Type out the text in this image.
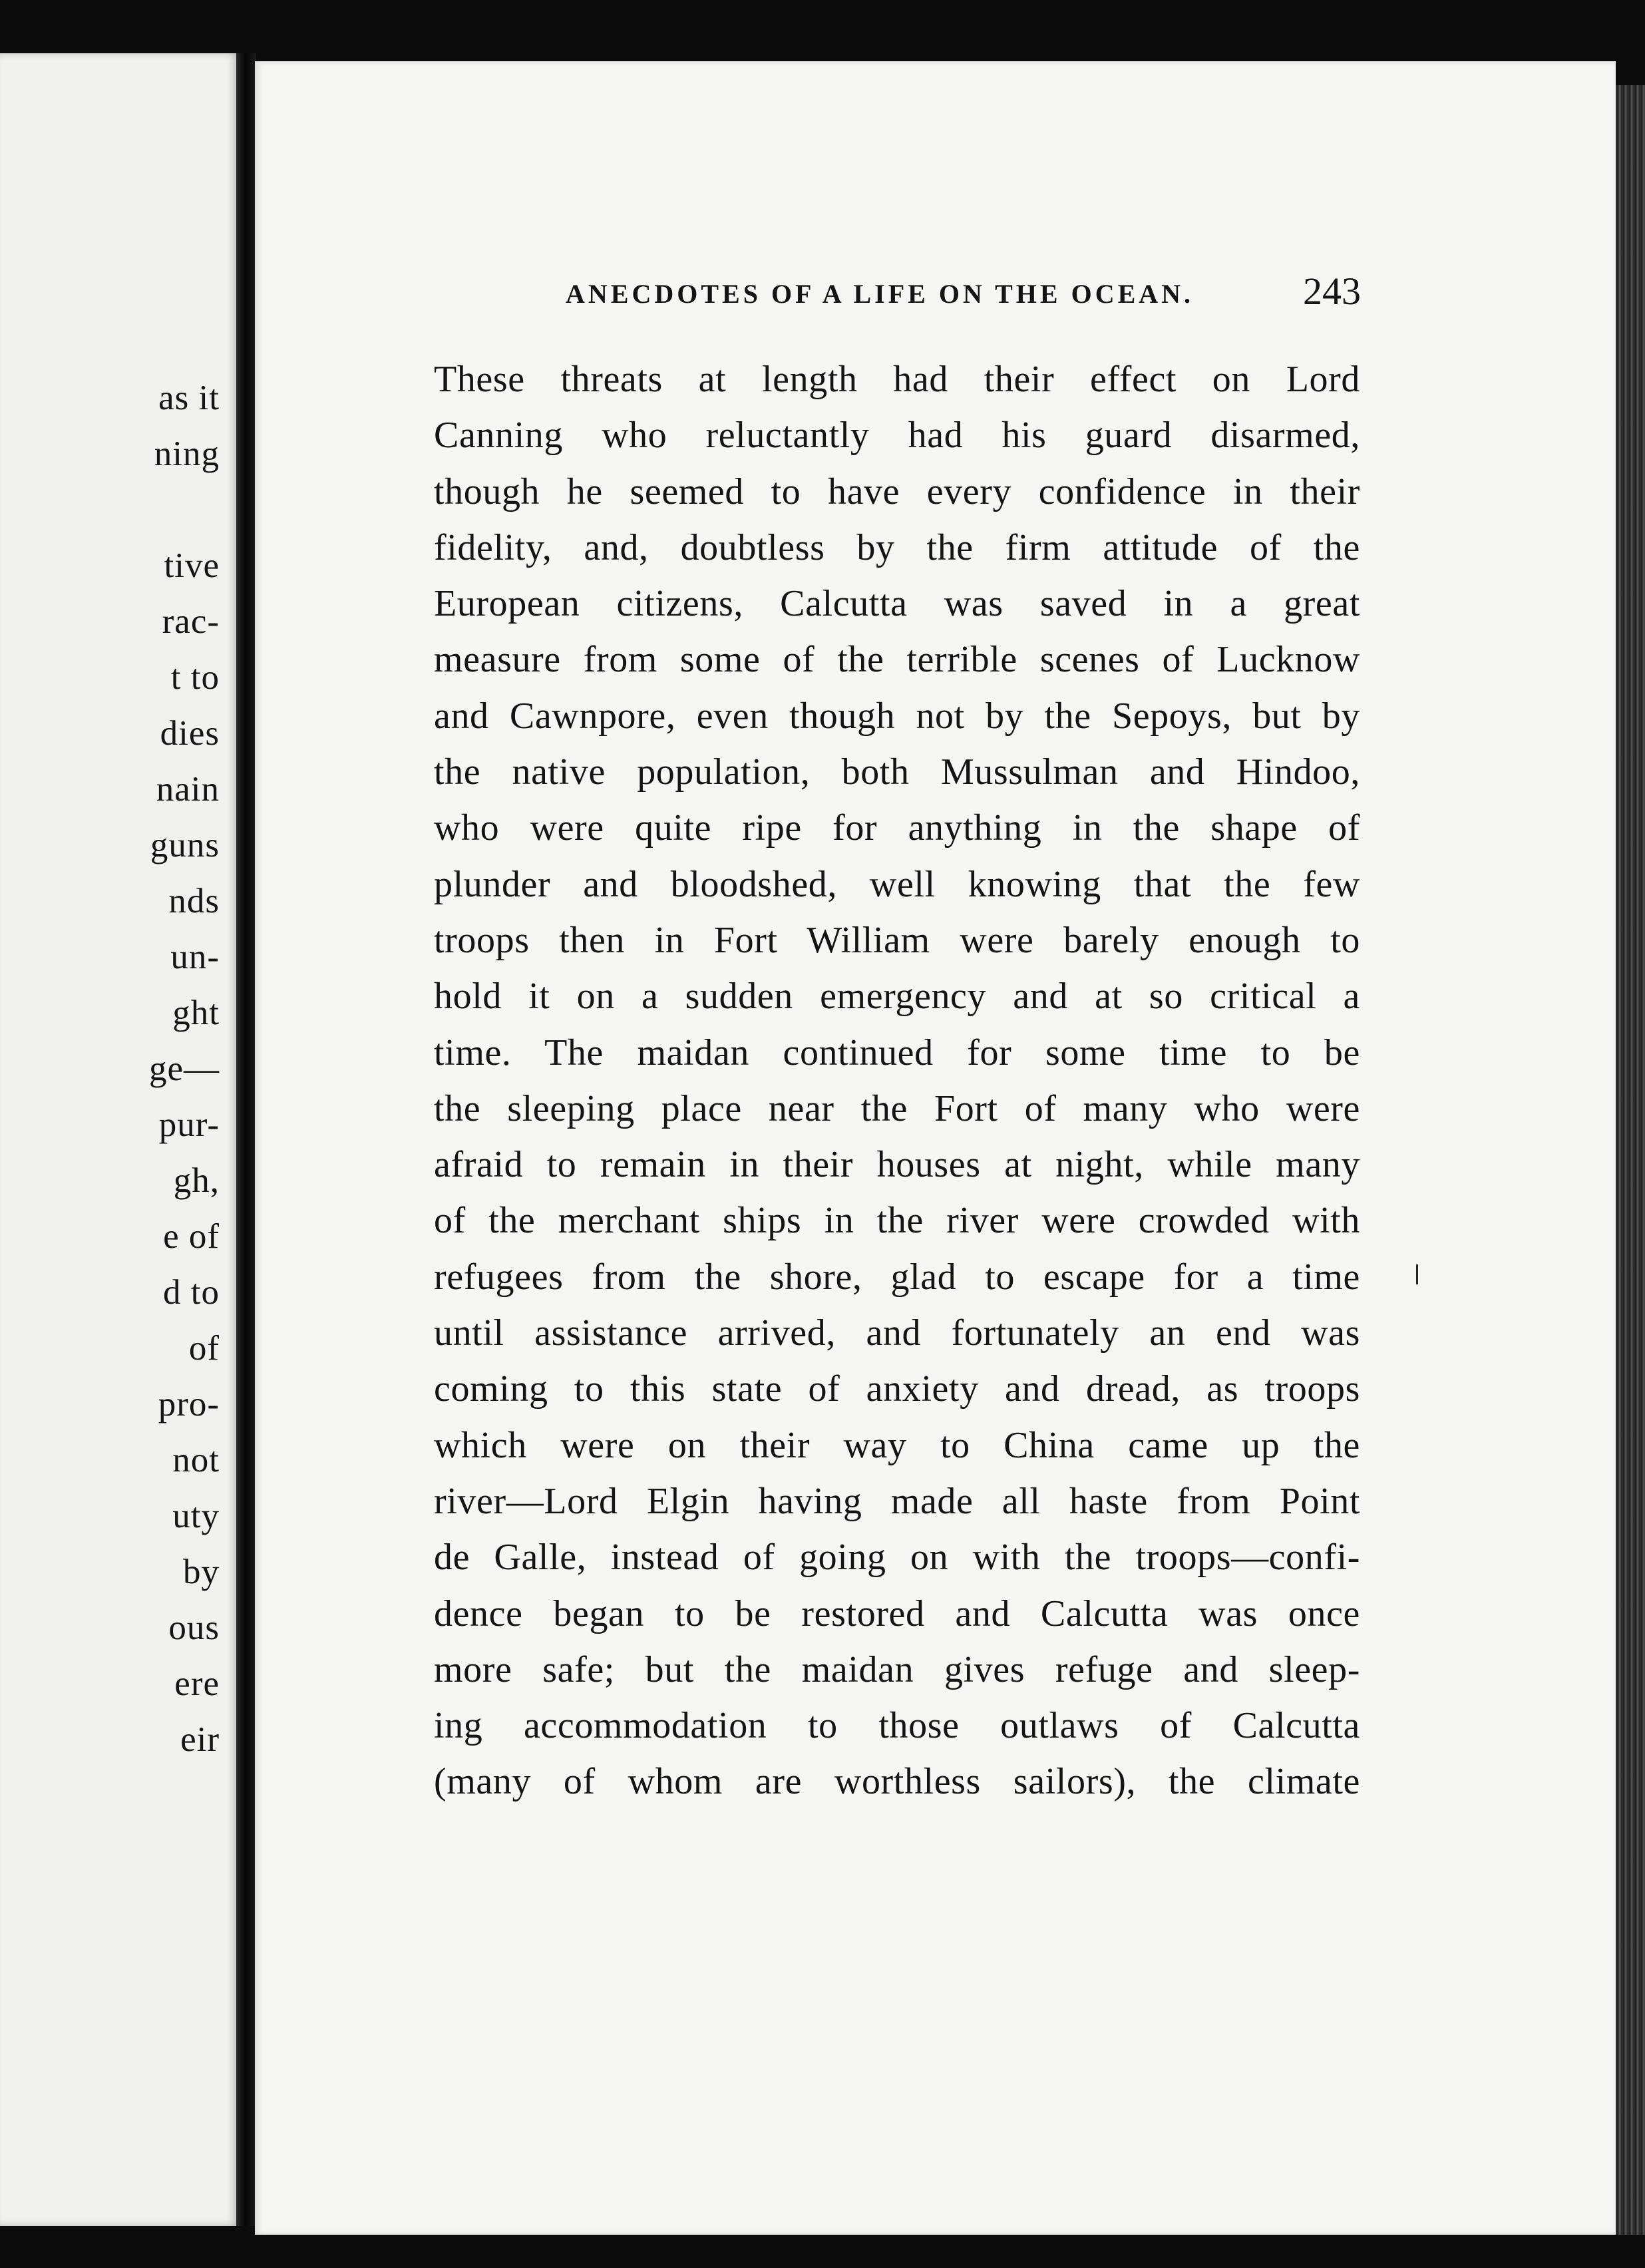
as it

ning

tive

rac-

t to

dies

nain

guns

nds

un-

ght

ge—

pur-

gh,

e of

d to

of

pro-

not

uty

by

ous

ere

eir

ANECDOTES OF A LIFE ON THE OCEAN.	243

These threats at length had their effect on Lord
Canning who reluctantly had his guard disarmed,
though he seemed to have every confidence in their
fidelity, and, doubtless by the firm attitude of the
European citizens, Calcutta was saved in a great
measure from some of the terrible scenes of Lucknow
and Cawnpore, even though not by the Sepoys, but by
the native population, both Mussulman and Hindoo,
who were quite ripe for anything in the shape of
plunder and bloodshed, well knowing that the few
troops then in Fort William were barely enough to
hold it on a sudden emergency and at so critical a
time. The maidan continued for some time to be
the sleeping place near the Fort of many who were
afraid to remain in their houses at night, while many
of the merchant ships in the river were crowded with
refugees from the shore, glad to escape for a time
until assistance arrived, and fortunately an end was
coming to this state of anxiety and dread, as troops
which were on their way to China came up the
river—Lord Elgin having made all haste from Point
de Galle, instead of going on with the troops—confi-
dence began to be restored and Calcutta was once
more safe; but the maidan gives refuge and sleep-
ing accommodation to those outlaws of Calcutta
(many of whom are worthless sailors), the climate
